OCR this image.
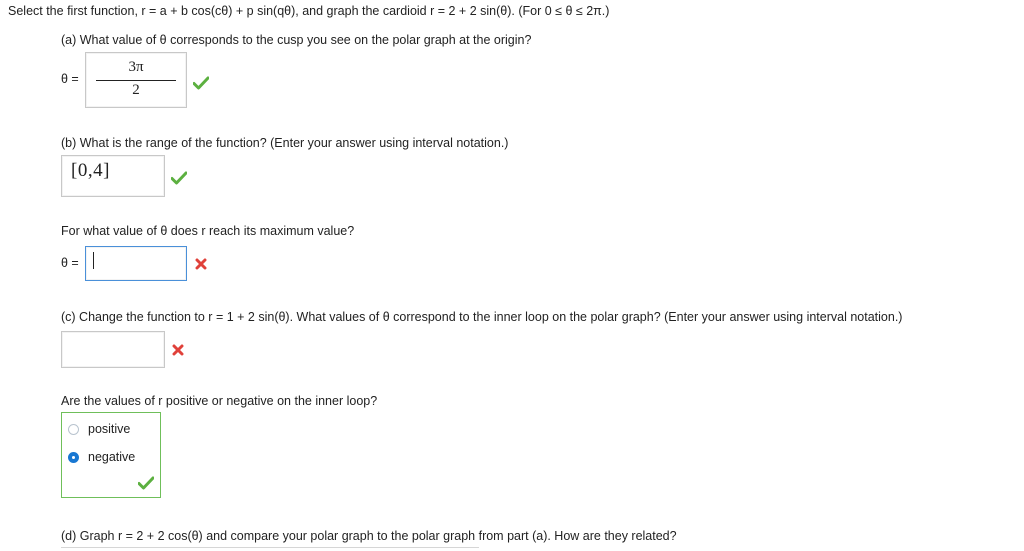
Select the first function, r = a + b cos(cθ) + p sin(qθ), and graph the cardioid r = 2 + 2 sin(θ). (For 0 ≤ θ ≤ 2π.)
(a) What value of θ corresponds to the cusp you see on the polar graph at the origin?
θ =
3π
2
(b) What is the range of the function? (Enter your answer using interval notation.)
[0,4]
For what value of θ does r reach its maximum value?
θ =
(c) Change the function to r = 1 + 2 sin(θ). What values of θ correspond to the inner loop on the polar graph? (Enter your answer using interval notation.)
Are the values of r positive or negative on the inner loop?
positive
negative
(d) Graph r = 2 + 2 cos(θ) and compare your polar graph to the polar graph from part (a). How are they related?
